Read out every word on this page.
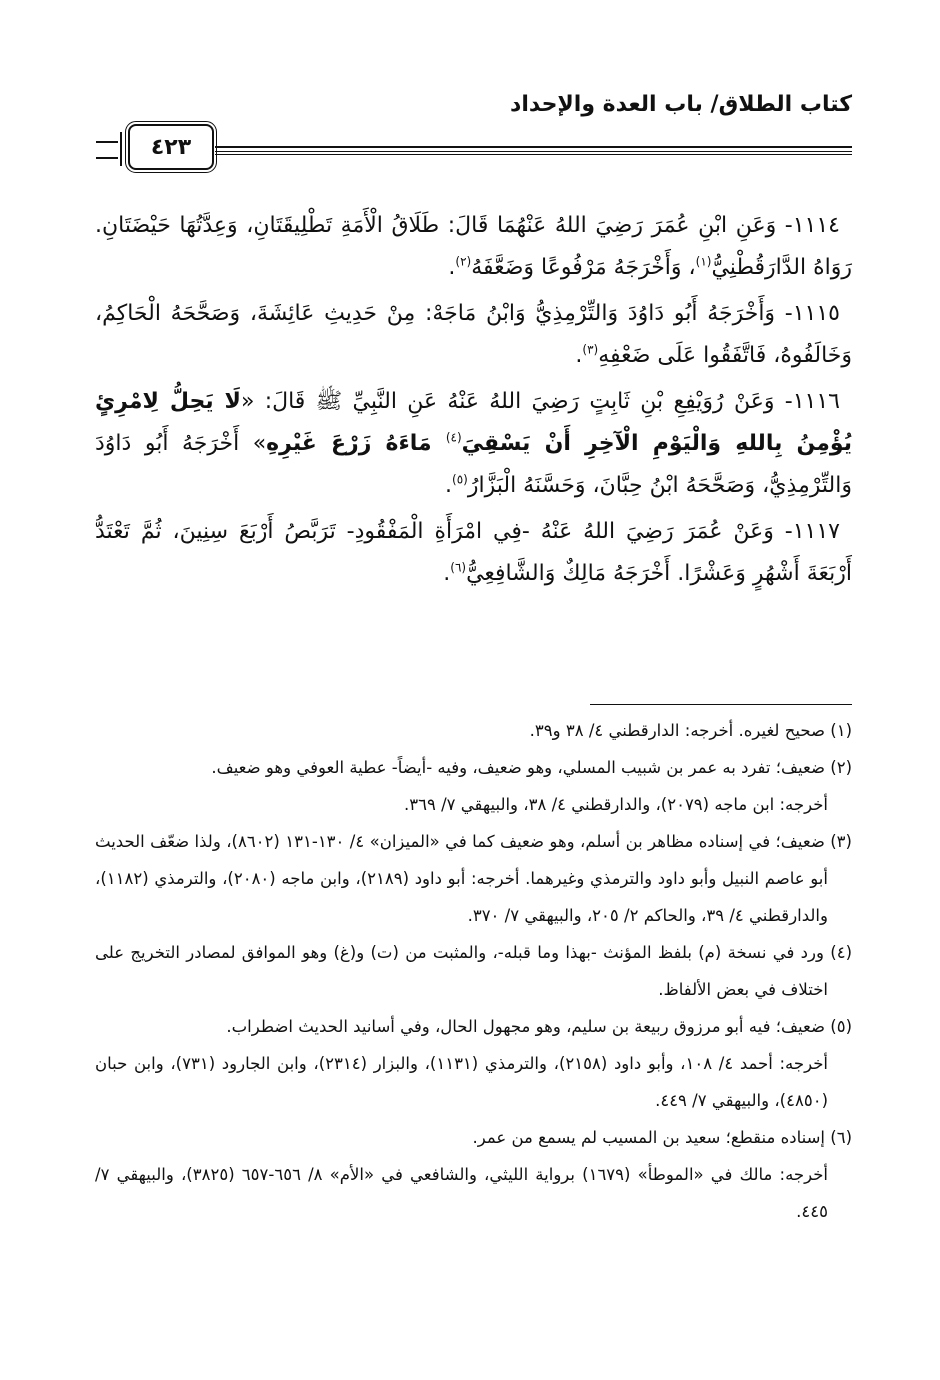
كتاب الطلاق/ باب العدة والإحداد
٤٢٣

١١١٤- وَعَنِ ابْنِ عُمَرَ رَضِيَ اللهُ عَنْهُمَا قَالَ: طَلَاقُ الْأَمَةِ تَطْلِيقَتَانِ، وَعِدَّتُهَا حَيْضَتَانِ. رَوَاهُ الدَّارَقُطْنِيُّ$^{(١)}$، وَأَخْرَجَهُ مَرْفُوعًا وَضَعَّفَهُ$^{(٢)}$.

١١١٥- وَأَخْرَجَهُ أَبُو دَاوُدَ وَالتِّرْمِذِيُّ وَابْنُ مَاجَهْ: مِنْ حَدِيثِ عَائِشَةَ، وَصَحَّحَهُ الْحَاكِمُ، وَخَالَفُوهُ، فَاتَّفَقُوا عَلَى ضَعْفِهِ$^{(٣)}$.

١١١٦- وَعَنْ رُوَيْفِعِ بْنِ ثَابِتٍ رَضِيَ اللهُ عَنْهُ عَنِ النَّبِيِّ ﷺ قَالَ: «لَا يَحِلُّ لِامْرِئٍ يُؤْمِنُ بِاللهِ وَالْيَوْمِ الْآخِرِ أَنْ يَسْقِيَ$^{(٤)}$ مَاءَهُ زَرْعَ غَيْرِهِ» أَخْرَجَهُ أَبُو دَاوُدَ وَالتِّرْمِذِيُّ، وَصَحَّحَهُ ابْنُ حِبَّانَ، وَحَسَّنَهُ الْبَزَّارُ$^{(٥)}$.

١١١٧- وَعَنْ عُمَرَ رَضِيَ اللهُ عَنْهُ -فِي امْرَأَةِ الْمَفْقُودِ- تَرَبَّصُ أَرْبَعَ سِنِينَ، ثُمَّ تَعْتَدُّ أَرْبَعَةَ أَشْهُرٍ وَعَشْرًا. أَخْرَجَهُ مَالِكٌ وَالشَّافِعِيُّ$^{(٦)}$.

(١) صحيح لغيره. أخرجه: الدارقطني ٤/ ٣٨ و٣٩.

(٢) ضعيف؛ تفرد به عمر بن شبيب المسلي، وهو ضعيف، وفيه -أيضاً- عطية العوفي وهو ضعيف.

أخرجه: ابن ماجه (٢٠٧٩)، والدارقطني ٤/ ٣٨، والبيهقي ٧/ ٣٦٩.

(٣) ضعيف؛ في إسناده مظاهر بن أسلم، وهو ضعيف كما في «الميزان» ٤/ ١٣٠-١٣١ (٨٦٠٢)، ولذا ضعّف الحديث أبو عاصم النبيل وأبو داود والترمذي وغيرهما. أخرجه: أبو داود (٢١٨٩)، وابن ماجه (٢٠٨٠)، والترمذي (١١٨٢)، والدارقطني ٤/ ٣٩، والحاكم ٢/ ٢٠٥، والبيهقي ٧/ ٣٧٠.

(٤) ورد في نسخة (م) بلفظ المؤنث -بهذا وما قبله-، والمثبت من (ت) و(غ) وهو الموافق لمصادر التخريج على اختلاف في بعض الألفاظ.

(٥) ضعيف؛ فيه أبو مرزوق ربيعة بن سليم، وهو مجهول الحال، وفي أسانيد الحديث اضطراب.

أخرجه: أحمد ٤/ ١٠٨، وأبو داود (٢١٥٨)، والترمذي (١١٣١)، والبزار (٢٣١٤)، وابن الجارود (٧٣١)، وابن حبان (٤٨٥٠)، والبيهقي ٧/ ٤٤٩.

(٦) إسناده منقطع؛ سعيد بن المسيب لم يسمع من عمر.

أخرجه: مالك في «الموطأ» (١٦٧٩) برواية الليثي، والشافعي في «الأم» ٨/ ٦٥٦-٦٥٧ (٣٨٢٥)، والبيهقي ٧/ ٤٤٥.
